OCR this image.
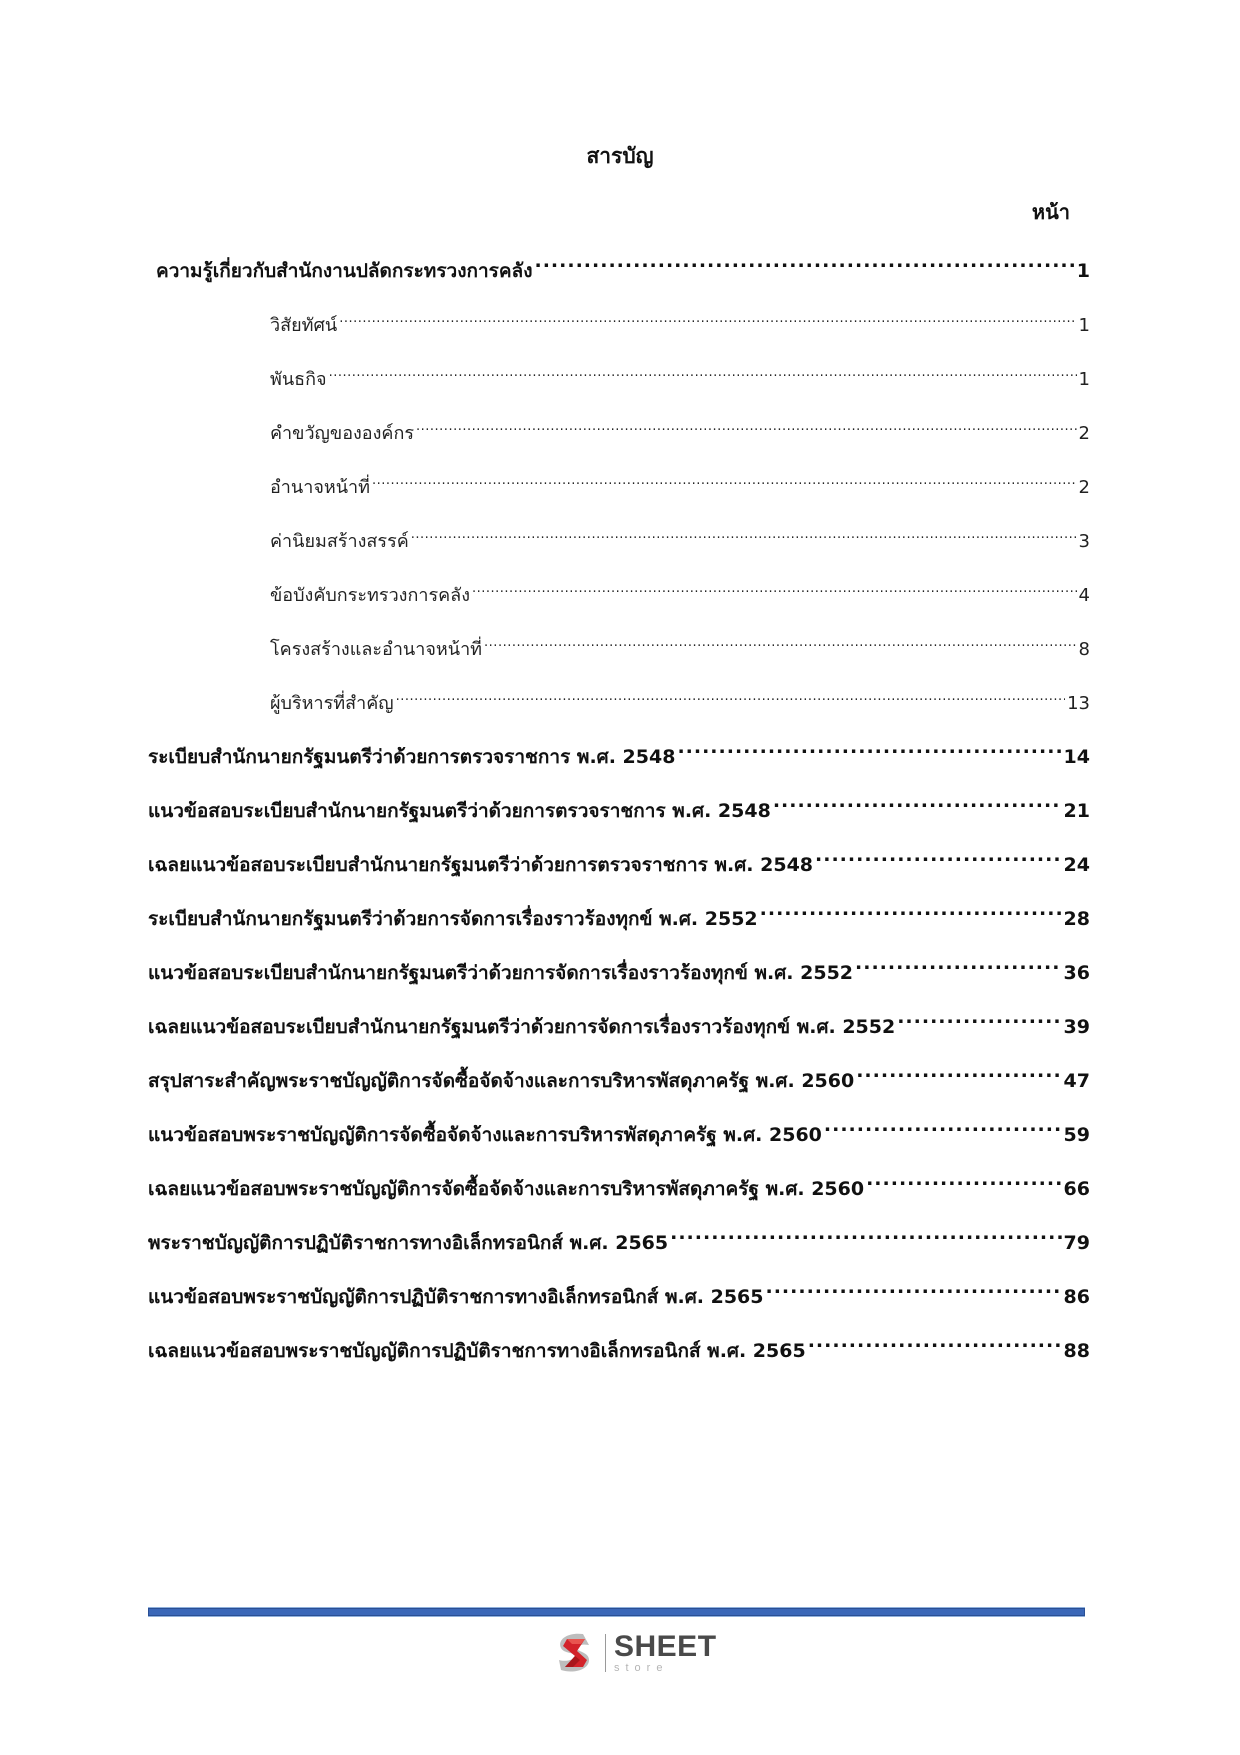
สารบัญ
หน้า
ความรู้เกี่ยวกับสำนักงานปลัดกระทรวงการคลัง .....	1
วิสัยทัศน์ .....	1
พันธกิจ .....	1
คำขวัญขององค์กร .....	2
อำนาจหน้าที่ .....	2
ค่านิยมสร้างสรรค์ .....	3
ข้อบังคับกระทรวงการคลัง .....	4
โครงสร้างและอำนาจหน้าที่ .....	8
ผู้บริหารที่สำคัญ .....	13
ระเบียบสำนักนายกรัฐมนตรีว่าด้วยการตรวจราชการ พ.ศ. 2548 .....	14
แนวข้อสอบระเบียบสำนักนายกรัฐมนตรีว่าด้วยการตรวจราชการ พ.ศ. 2548 .....	21
เฉลยแนวข้อสอบระเบียบสำนักนายกรัฐมนตรีว่าด้วยการตรวจราชการ พ.ศ. 2548 .....	24
ระเบียบสำนักนายกรัฐมนตรีว่าด้วยการจัดการเรื่องราวร้องทุกข์ พ.ศ. 2552 .....	28
แนวข้อสอบระเบียบสำนักนายกรัฐมนตรีว่าด้วยการจัดการเรื่องราวร้องทุกข์ พ.ศ. 2552 .....	36
เฉลยแนวข้อสอบระเบียบสำนักนายกรัฐมนตรีว่าด้วยการจัดการเรื่องราวร้องทุกข์ พ.ศ. 2552 .....	39
สรุปสาระสำคัญพระราชบัญญัติการจัดซื้อจัดจ้างและการบริหารพัสดุภาครัฐ พ.ศ. 2560 .....	47
แนวข้อสอบพระราชบัญญัติการจัดซื้อจัดจ้างและการบริหารพัสดุภาครัฐ พ.ศ. 2560 .....	59
เฉลยแนวข้อสอบพระราชบัญญัติการจัดซื้อจัดจ้างและการบริหารพัสดุภาครัฐ พ.ศ. 2560 .....	66
พระราชบัญญัติการปฏิบัติราชการทางอิเล็กทรอนิกส์ พ.ศ. 2565 .....	79
แนวข้อสอบพระราชบัญญัติการปฏิบัติราชการทางอิเล็กทรอนิกส์ พ.ศ. 2565 .....	86
เฉลยแนวข้อสอบพระราชบัญญัติการปฏิบัติราชการทางอิเล็กทรอนิกส์ พ.ศ. 2565 .....	88
SHEET
store
